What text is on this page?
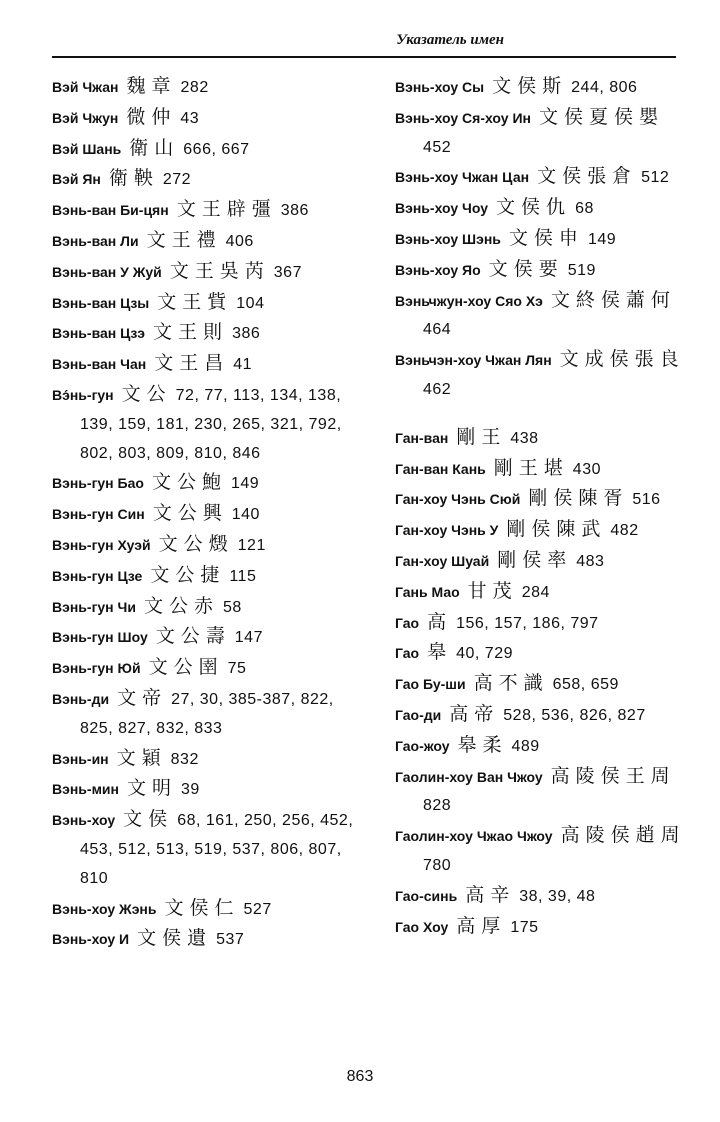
Указатель имен

Вэй Чжан 魏章 282

Вэй Чжун 微仲 43

Вэй Шань 衛山 666, 667

Вэй Ян 衛鞅 272

Вэнь-ван Би-цян 文王辟彊 386

Вэнь-ван Ли 文王禮 406

Вэнь-ван У Жуй 文王吳芮 367

Вэнь-ван Цзы 文王貲 104

Вэнь-ван Цзэ 文王則 386

Вэнь-ван Чан 文王昌 41

Вэ́нь-гун 文公 72, 77, 113, 134, 138, 139, 159, 181, 230, 265, 321, 792, 802, 803, 809, 810, 846

Вэнь-гун Бао 文公鮑 149

Вэнь-гун Син 文公興 140

Вэнь-гун Хуэй 文公燬 121

Вэнь-гун Цзе 文公捷 115

Вэнь-гун Чи 文公赤 58

Вэнь-гун Шоу 文公壽 147

Вэнь-гун Юй 文公圉 75

Вэнь-ди 文帝 27, 30, 385-387, 822, 825, 827, 832, 833

Вэнь-ин 文穎 832

Вэнь-мин 文明 39

Вэнь-хоу 文侯 68, 161, 250, 256, 452, 453, 512, 513, 519, 537, 806, 807, 810

Вэнь-хоу Жэнь 文侯仁 527

Вэнь-хоу И 文侯遺 537

Вэнь-хоу Сы 文侯斯 244, 806

Вэнь-хоу Ся-хоу Ин 文侯夏侯嬰452

Вэнь-хоу Чжан Цан 文侯張倉 512

Вэнь-хоу Чоу 文侯仇 68

Вэнь-хоу Шэнь 文侯申 149

Вэнь-хоу Яо 文侯要 519

Вэньчжун-хоу Сяо Хэ 文終侯蕭何464

Вэньчэн-хоу Чжан Лян 文成侯張良462

Ган-ван 剛王 438

Ган-ван Кань 剛王堪 430

Ган-хоу Чэнь Сюй 剛侯陳胥 516

Ган-хоу Чэнь У 剛侯陳武 482

Ган-хоу Шуай 剛侯率 483

Гань Мао 甘茂 284

Гао 高 156, 157, 186, 797

Гао 皋 40, 729

Гао Бу-ши 高不識 658, 659

Гао-ди 高帝 528, 536, 826, 827

Гао-жоу 皋柔 489

Гаолин-хоу Ван Чжоу 高陵侯王周828

Гаолин-хоу Чжао Чжоу 高陵侯趙周780

Гао-синь 高辛 38, 39, 48

Гао Хоу 高厚 175

863
